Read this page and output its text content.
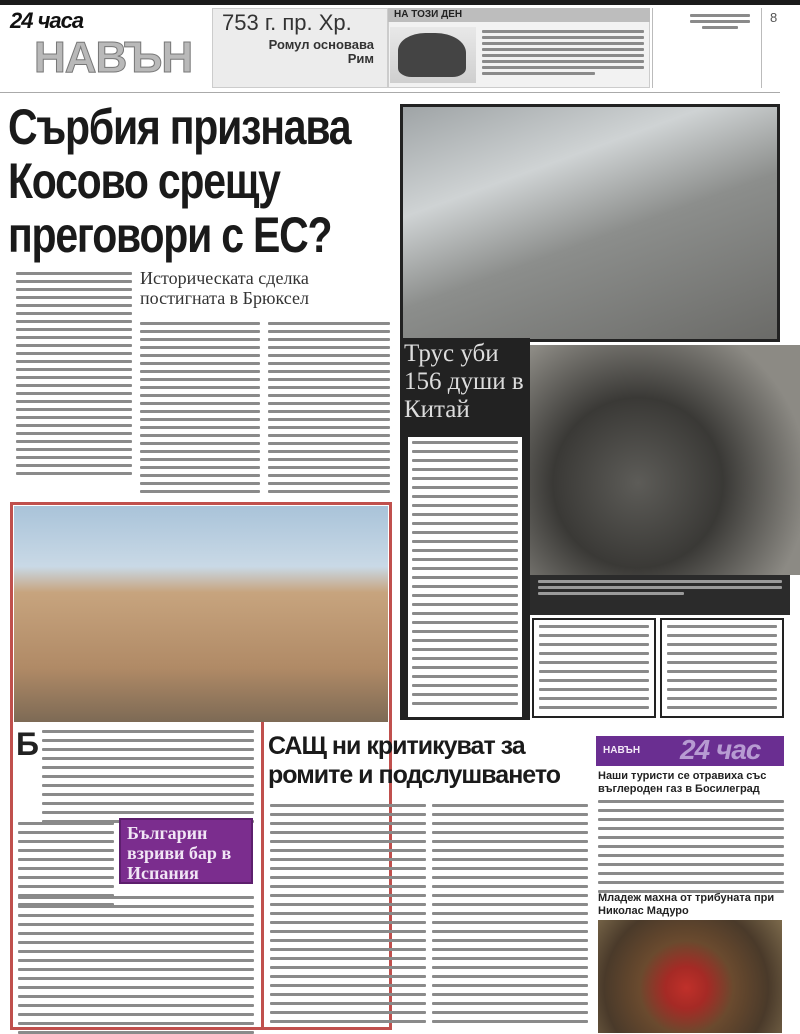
24 часа
НАВЪН
753 г. пр. Хр.
Ромул основава Рим
НА ТОЗИ ДЕН	8
Сърбия признава Косово срещу преговори с ЕС?
Историческата сделка постигната в Брюксел
Трус уби 156 души в Китай
Б
Българин взриви бар в Испания
САЩ ни критикуват за ромите и подслушването
НАВЪН 24 час
Наши туристи се отравиха със въглероден газ в Босилеград
Младеж махна от трибуната при Николас Мадуро
